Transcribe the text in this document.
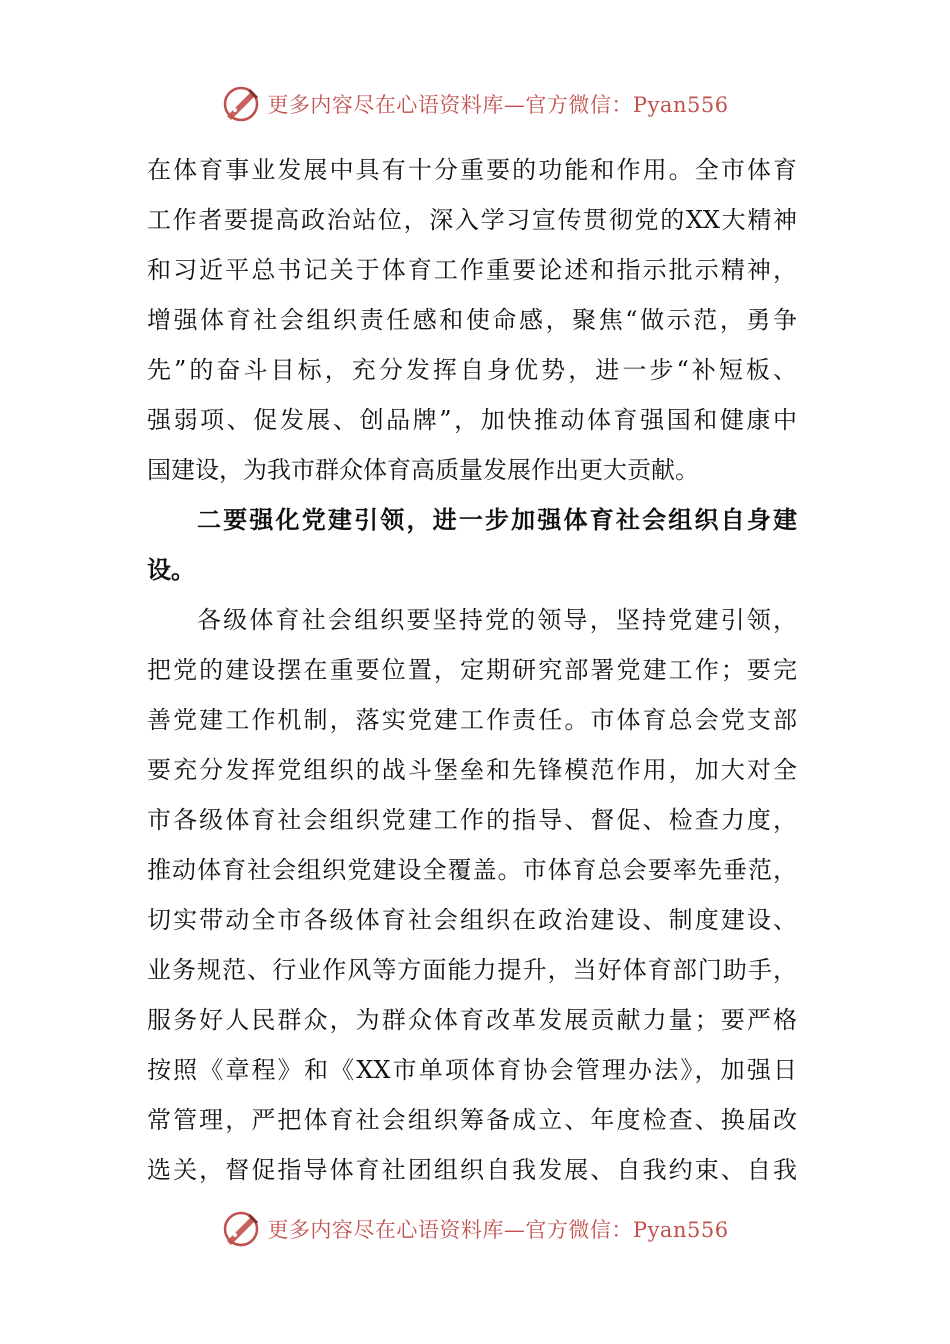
更多内容尽在心语资料库—官方微信：Pyan556
在体育事业发展中具有十分重要的功能和作用。全市体育
工作者要提高政治站位，深入学习宣传贯彻党的XX大精神
和习近平总书记关于体育工作重要论述和指示批示精神，
增强体育社会组织责任感和使命感，聚焦“做示范，勇争
先”的奋斗目标，充分发挥自身优势，进一步“补短板、
强弱项、促发展、创品牌”，加快推动体育强国和健康中
国建设，为我市群众体育高质量发展作出更大贡献。
二要强化党建引领，进一步加强体育社会组织自身建
设。
各级体育社会组织要坚持党的领导，坚持党建引领，
把党的建设摆在重要位置，定期研究部署党建工作；要完
善党建工作机制，落实党建工作责任。市体育总会党支部
要充分发挥党组织的战斗堡垒和先锋模范作用，加大对全
市各级体育社会组织党建工作的指导、督促、检查力度，
推动体育社会组织党建设全覆盖。市体育总会要率先垂范，
切实带动全市各级体育社会组织在政治建设、制度建设、
业务规范、行业作风等方面能力提升，当好体育部门助手，
服务好人民群众，为群众体育改革发展贡献力量；要严格
按照《章程》和《XX市单项体育协会管理办法》，加强日
常管理，严把体育社会组织筹备成立、年度检查、换届改
选关，督促指导体育社团组织自我发展、自我约束、自我
更多内容尽在心语资料库—官方微信：Pyan556
